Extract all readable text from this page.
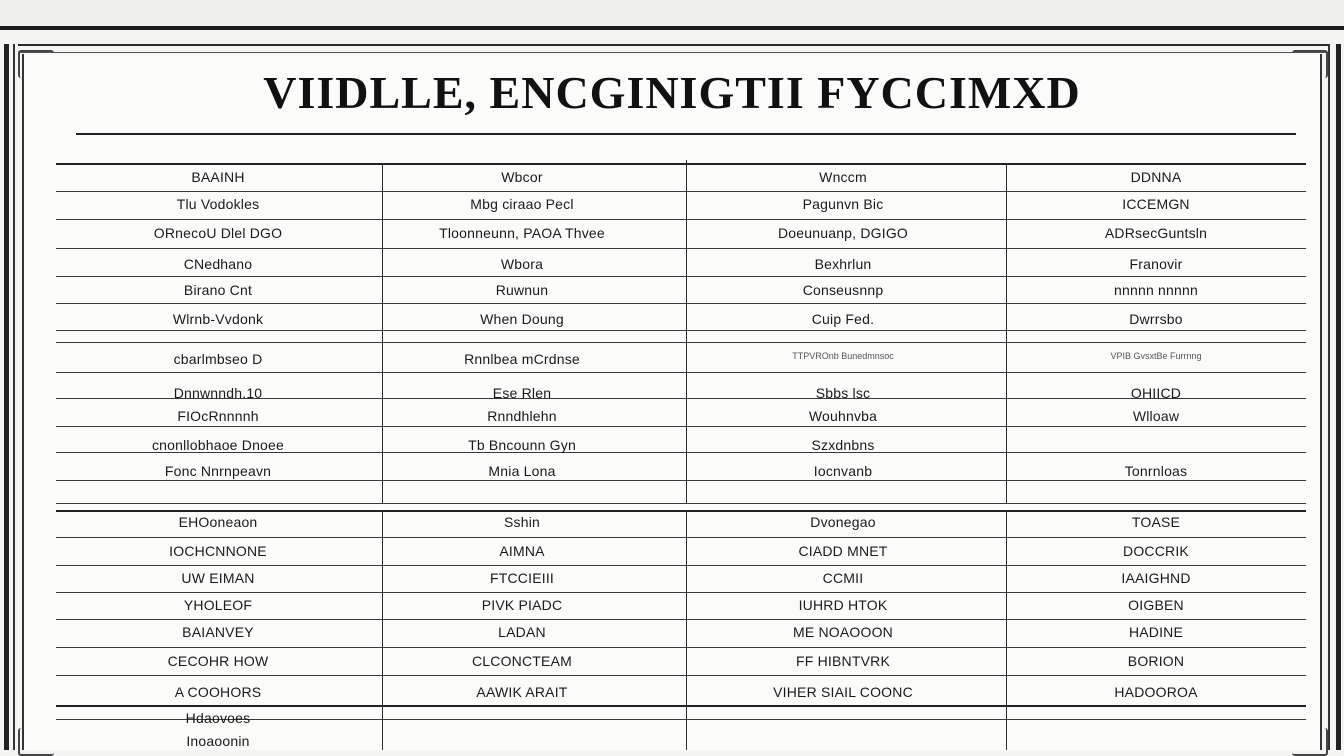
VIIDLLE, ENCGINIGTII FYCCIMXD
BAAINH	Wbcor	Wnccm	DDNNA
Tlu Vodokles	Mbg ciraao Pecl	Pagunvn Bic	ICCEMGN
ORnecoU Dlel DGO	Tloonneunn, PAOA Thvee	Doeunuanp, DGIGO	ADRsecGuntsln
CNedhano	Wbora	Bexhrlun	Franovir
Birano Cnt	Ruwnun	Conseusnnp	nnnnn nnnnn
Wlrnb-Vvdonk	When Doung	Cuip Fed.	Dwrrsbo
cbarlmbseo D	Rnnlbea mCrdnse	TTPVROnb Bunedmnsoc	VPIB GvsxtBe Furrnng
Dnnwnndh.10	Ese Rlen	Sbbs lsc	OHIICD
FIOcRnnnnh	Rnndhlehn	Wouhnvba	Wlloaw
cnonllobhaoe Dnoee	Tb Bncounn Gyn	Szxdnbns
Fonc Nnrnpeavn	Mnia Lona	Iocnvanb	Tonrnloas
EHOoneaon	Sshin	Dvonegao	TOASE
IOCHCNNONE	AIMNA	CIADD MNET	DOCCRIK
UW EIMAN	FTCCIEIII	CCMII	IAAIGHND
YHOLEOF	PIVK PIADC	IUHRD HTOK	OIGBEN
BAIANVEY	LADAN	ME NOAOOON	HADINE
CECOHR HOW	CLCONCTEAM	FF HIBNTVRK	BORION
A COOHORS	AAWIK ARAIT	VIHER SIAIL COONC	HADOOROA
Hdaovoes
Inoaoonin
